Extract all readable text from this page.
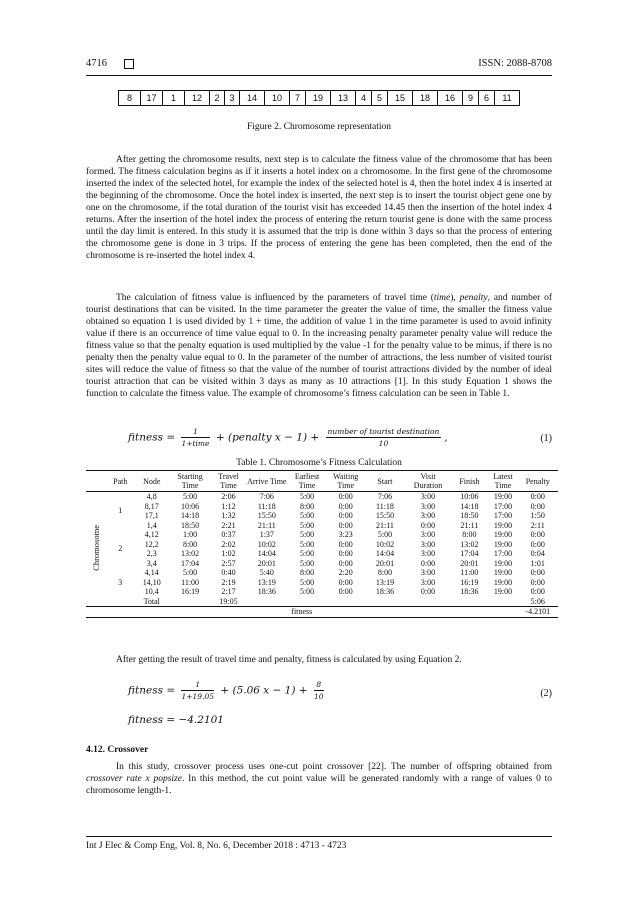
4716	ISSN: 2088-8708
8	17	1	12	2	3	14	10	7	19	13	4	5	15	18	16	9	6	11
Figure 2. Chromosome representation

After getting the chromosome results, next step is to calculate the fitness value of the chromosome that has been formed. The fitness calculation begins as if it inserts a hotel index on a chromosome. In the first gene of the chromosome inserted the index of the selected hotel, for example the index of the selected hotel is 4, then the hotel index 4 is inserted at the beginning of the chromosome. Once the hotel index is inserted, the next step is to insert the tourist object gene one by one on the chromosome, if the total duration of the tourist visit has exceeded 14.45 then the insertion of the hotel index 4 returns. After the insertion of the hotel index the process of entering the return tourist gene is done with the same process until the day limit is entered. In this study it is assumed that the trip is done within 3 days so that the process of entering the chromosome gene is done in 3 trips. If the process of entering the gene has been completed, then the end of the chromosome is re-inserted the hotel index 4.

The calculation of fitness value is influenced by the parameters of travel time (time), penalty, and number of tourist destinations that can be visited. In the time parameter the greater the value of time, the smaller the fitness value obtained so equation 1 is used divided by 1 + time, the addition of value 1 in the time parameter is used to avoid infinity value if there is an occurrence of time value equal to 0. In the increasing penalty parameter penalty value will reduce the fitness value so that the penalty equation is used multiplied by the value -1 for the penalty value to be minus, if there is no penalty then the penalty value equal to 0. In the parameter of the number of attractions, the less number of visited tourist sites will reduce the value of fitness so that the value of the number of tourist attractions divided by the number of ideal tourist attraction that can be visited within 3 days as many as 10 attractions [1]. In this study Equation 1 shows the function to calculate the fitness value. The example of chromosome’s fitness calculation can be seen in Table 1.

fitness = $\frac{1}{\text{1+time}}$ + (penalty $x - 1) + \frac{\text{number of tourist destination}}{10}$ ,	(1)
Table 1. Chromosome’s Fitness Calculation
	Path	Node	Starting Time	Travel Time	Arrive Time	Earliest Time	Waiting Time	Start	Visit Duration	Finish	Latest Time	Penalty
Chromosome	1	4,8	5:00	2:06	7:06	5:00	0:00	7:06	3:00	10:06	19:00	0:00
		8,17	10:06	1:12	11:18	8:00	0:00	11:18	3:00	14:18	17:00	0:00
		17,1	14:18	1:32	15:50	5:00	0:00	15:50	3:00	18:50	17:00	1:50
		1,4	18:50	2:21	21:11	5:00	0:00	21:11	0:00	21:11	19:00	2:11
	2	4,12	1:00	0:37	1:37	5:00	3:23	5:00	3:00	8:00	19:00	0:00
		12,2	8:00	2:02	10:02	5:00	0:00	10:02	3:00	13:02	19:00	0:00
		2,3	13:02	1:02	14:04	5:00	0:00	14:04	3:00	17:04	17:00	0:04
		3,4	17:04	2:57	20:01	5:00	0:00	20:01	0:00	20:01	19:00	1:01
	3	4,14	5:00	0:40	5:40	8:00	2:20	8:00	3:00	11:00	19:00	0:00
		14,10	11:00	2:19	13:19	5:00	0:00	13:19	3:00	16:19	19:00	0:00
		10,4	16:19	2:17	18:36	5:00	0:00	18:36	0:00	18:36	19:00	0:00
		Total		19:05								5:06
fitness												-4.2101

After getting the result of travel time and penalty, fitness is calculated by using Equation 2.

fitness = $\frac{1}{1+19.05} + (5.06$ $x - 1) + \frac{8}{10}$	(2)
fitness = −4.2101
4.12. Crossover

In this study, crossover process uses one-cut point crossover [22]. The number of offspring obtained from crossover rate x popsize. In this method, the cut point value will be generated randomly with a range of values 0 to chromosome length-1.

Int J Elec & Comp Eng, Vol. 8, No. 6, December 2018 : 4713 - 4723
